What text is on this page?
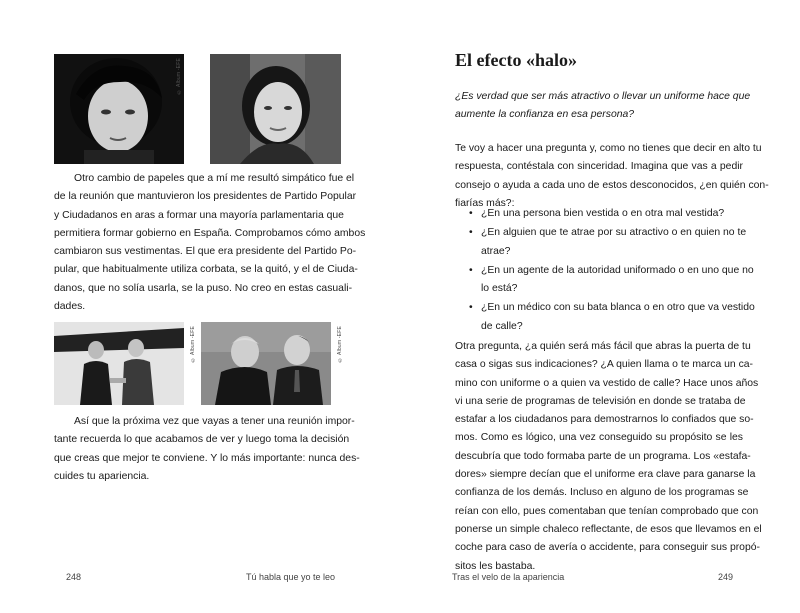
© Album -EFE
Otro cambio de papeles que a mí me resultó simpático fue el
de la reunión que mantuvieron los presidentes de Partido Popular
y Ciudadanos en aras a formar una mayoría parlamentaria que
permitiera formar gobierno en España. Comprobamos cómo ambos
cambiaron sus vestimentas. El que era presidente del Partido Po-
pular, que habitualmente utiliza corbata, se la quitó, y el de Ciuda-
danos, que no solía usarla, se la puso. No creo en estas casuali-
dades.
© Album -EFE	© Album -EFE
Así que la próxima vez que vayas a tener una reunión impor-
tante recuerda lo que acabamos de ver y luego toma la decisión
que creas que mejor te conviene. Y lo más importante: nunca des-
cuides tu apariencia.
248	Tú habla que yo te leo
El efecto «halo»
¿Es verdad que ser más atractivo o llevar un uniforme hace que
aumente la confianza en esa persona?
Te voy a hacer una pregunta y, como no tienes que decir en alto tu
respuesta, contéstala con sinceridad. Imagina que vas a pedir
consejo o ayuda a cada uno de estos desconocidos, ¿en quién con-
fiarías más?:
• ¿En una persona bien vestida o en otra mal vestida?
• ¿En alguien que te atrae por su atractivo o en quien no te
atrae?
• ¿En un agente de la autoridad uniformado o en uno que no
lo está?
• ¿En un médico con su bata blanca o en otro que va vestido
de calle?
Otra pregunta, ¿a quién será más fácil que abras la puerta de tu
casa o sigas sus indicaciones? ¿A quien llama o te marca un ca-
mino con uniforme o a quien va vestido de calle? Hace unos años
vi una serie de programas de televisión en donde se trataba de
estafar a los ciudadanos para demostrarnos lo confiados que so-
mos. Como es lógico, una vez conseguido su propósito se les
descubría que todo formaba parte de un programa. Los «estafa-
dores» siempre decían que el uniforme era clave para ganarse la
confianza de los demás. Incluso en alguno de los programas se
reían con ello, pues comentaban que tenían comprobado que con
ponerse un simple chaleco reflectante, de esos que llevamos en el
coche para caso de avería o accidente, para conseguir sus propó-
sitos les bastaba.
Tras el velo de la apariencia	249
